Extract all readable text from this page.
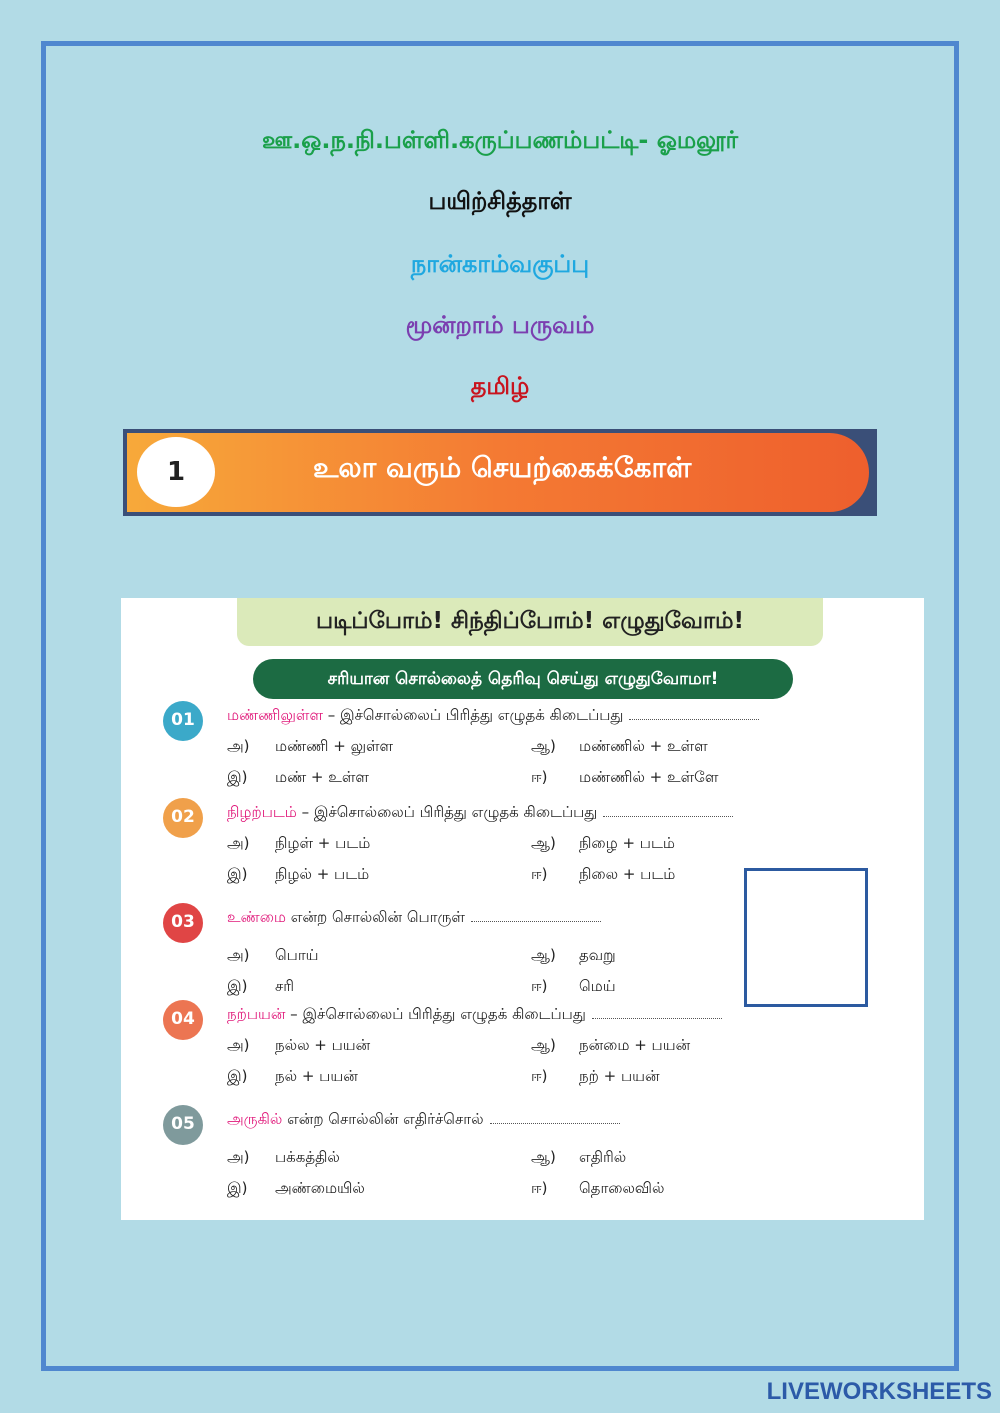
ஊ.ஒ.ந.நி.பள்ளி.கருப்பணம்பட்டி- ஓமலூர்
பயிற்சித்தாள்
நான்காம்வகுப்பு
மூன்றாம் பருவம்
தமிழ்
1	உலா வரும் செயற்கைக்கோள்
படிப்போம்! சிந்திப்போம்! எழுதுவோம்!
சரியான சொல்லைத் தெரிவு செய்து எழுதுவோமா!
01	மண்ணிலுள்ள – இச்சொல்லைப் பிரித்து எழுதக் கிடைப்பது
அ) மண்ணி + லுள்ள	ஆ) மண்ணில் + உள்ள
இ) மண் + உள்ள	ஈ) மண்ணில் + உள்ளே
02	நிழற்படம் – இச்சொல்லைப் பிரித்து எழுதக் கிடைப்பது
அ) நிழள் + படம்	ஆ) நிழை + படம்
இ) நிழல் + படம்	ஈ) நிலை + படம்
03	உண்மை என்ற சொல்லின் பொருள்
அ) பொய்	ஆ) தவறு
இ) சரி	ஈ) மெய்
04	நற்பயன் – இச்சொல்லைப் பிரித்து எழுதக் கிடைப்பது
அ) நல்ல + பயன்	ஆ) நன்மை + பயன்
இ) நல் + பயன்	ஈ) நற் + பயன்
05	அருகில் என்ற சொல்லின் எதிர்ச்சொல்
அ) பக்கத்தில்	ஆ) எதிரில்
இ) அண்மையில்	ஈ) தொலைவில்
LIVEWORKSHEETS
